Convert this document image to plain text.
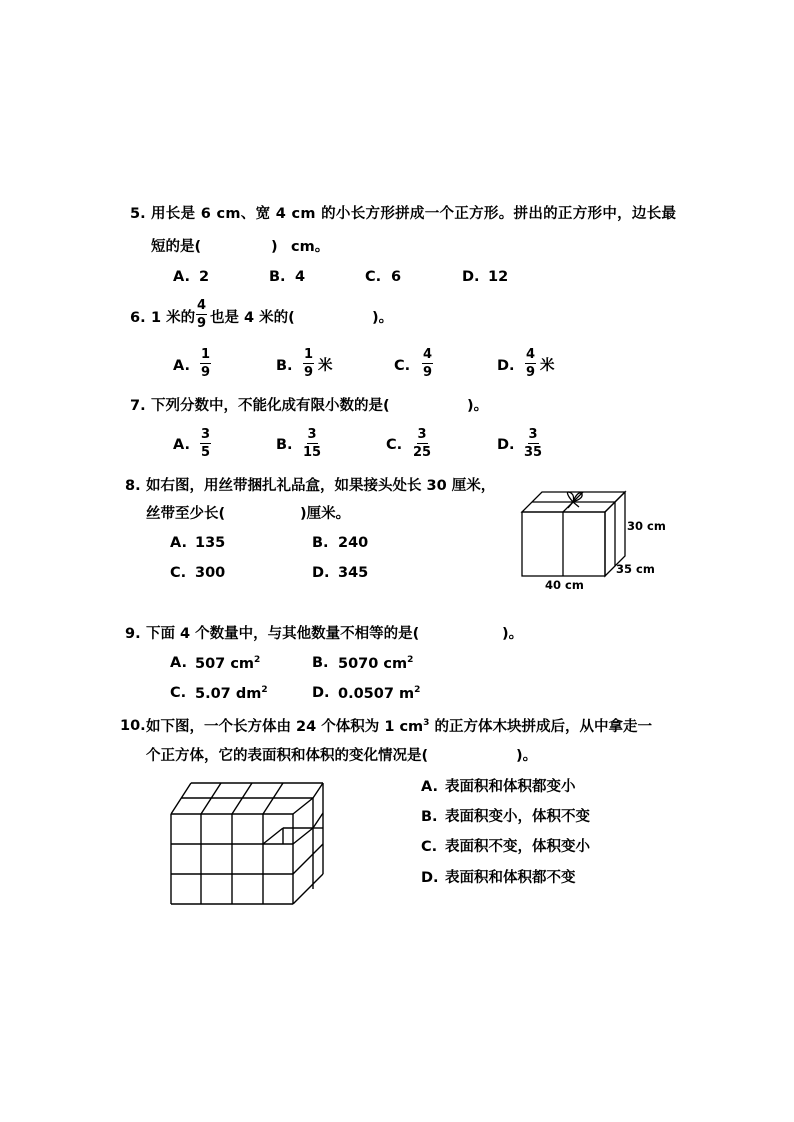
5. 用长是 6 cm、宽 4 cm 的小长方形拼成一个正方形。拼出的正方形中，边长最
短的是(	) cm。
A. 2	B. 4	C. 6	D. 12
6. 1 米的 $\frac{4}{9}$ 也是 4 米的(	)。
A. $\frac{1}{9}$	B. $\frac{1}{9}$ 米	C. $\frac{4}{9}$	D. $\frac{4}{9}$ 米
7. 下列分数中，不能化成有限小数的是(	)。
A. $\frac{3}{5}$	B. $\frac{3}{15}$	C. $\frac{3}{25}$	D. $\frac{3}{35}$
8. 如右图，用丝带捆扎礼品盒，如果接头处长 30 厘米，
丝带至少长(	)厘米。
A. 135	B. 240
C. 300	D. 345
30 cm
35 cm
40 cm
9. 下面 4 个数量中，与其他数量不相等的是(	)。
A. 507 $cm^2$	B. 5070 $cm^2$
C. 5.07 $dm^2$	D. 0.0507 $m^2$
10. 如下图，一个长方体由 24 个体积为 1 $cm^3$ 的正方体木块拼成后，从中拿走一
个正方体，它的表面积和体积的变化情况是(	)。
A. 表面积和体积都变小
B. 表面积变小，体积不变
C. 表面积不变，体积变小
D. 表面积和体积都不变
